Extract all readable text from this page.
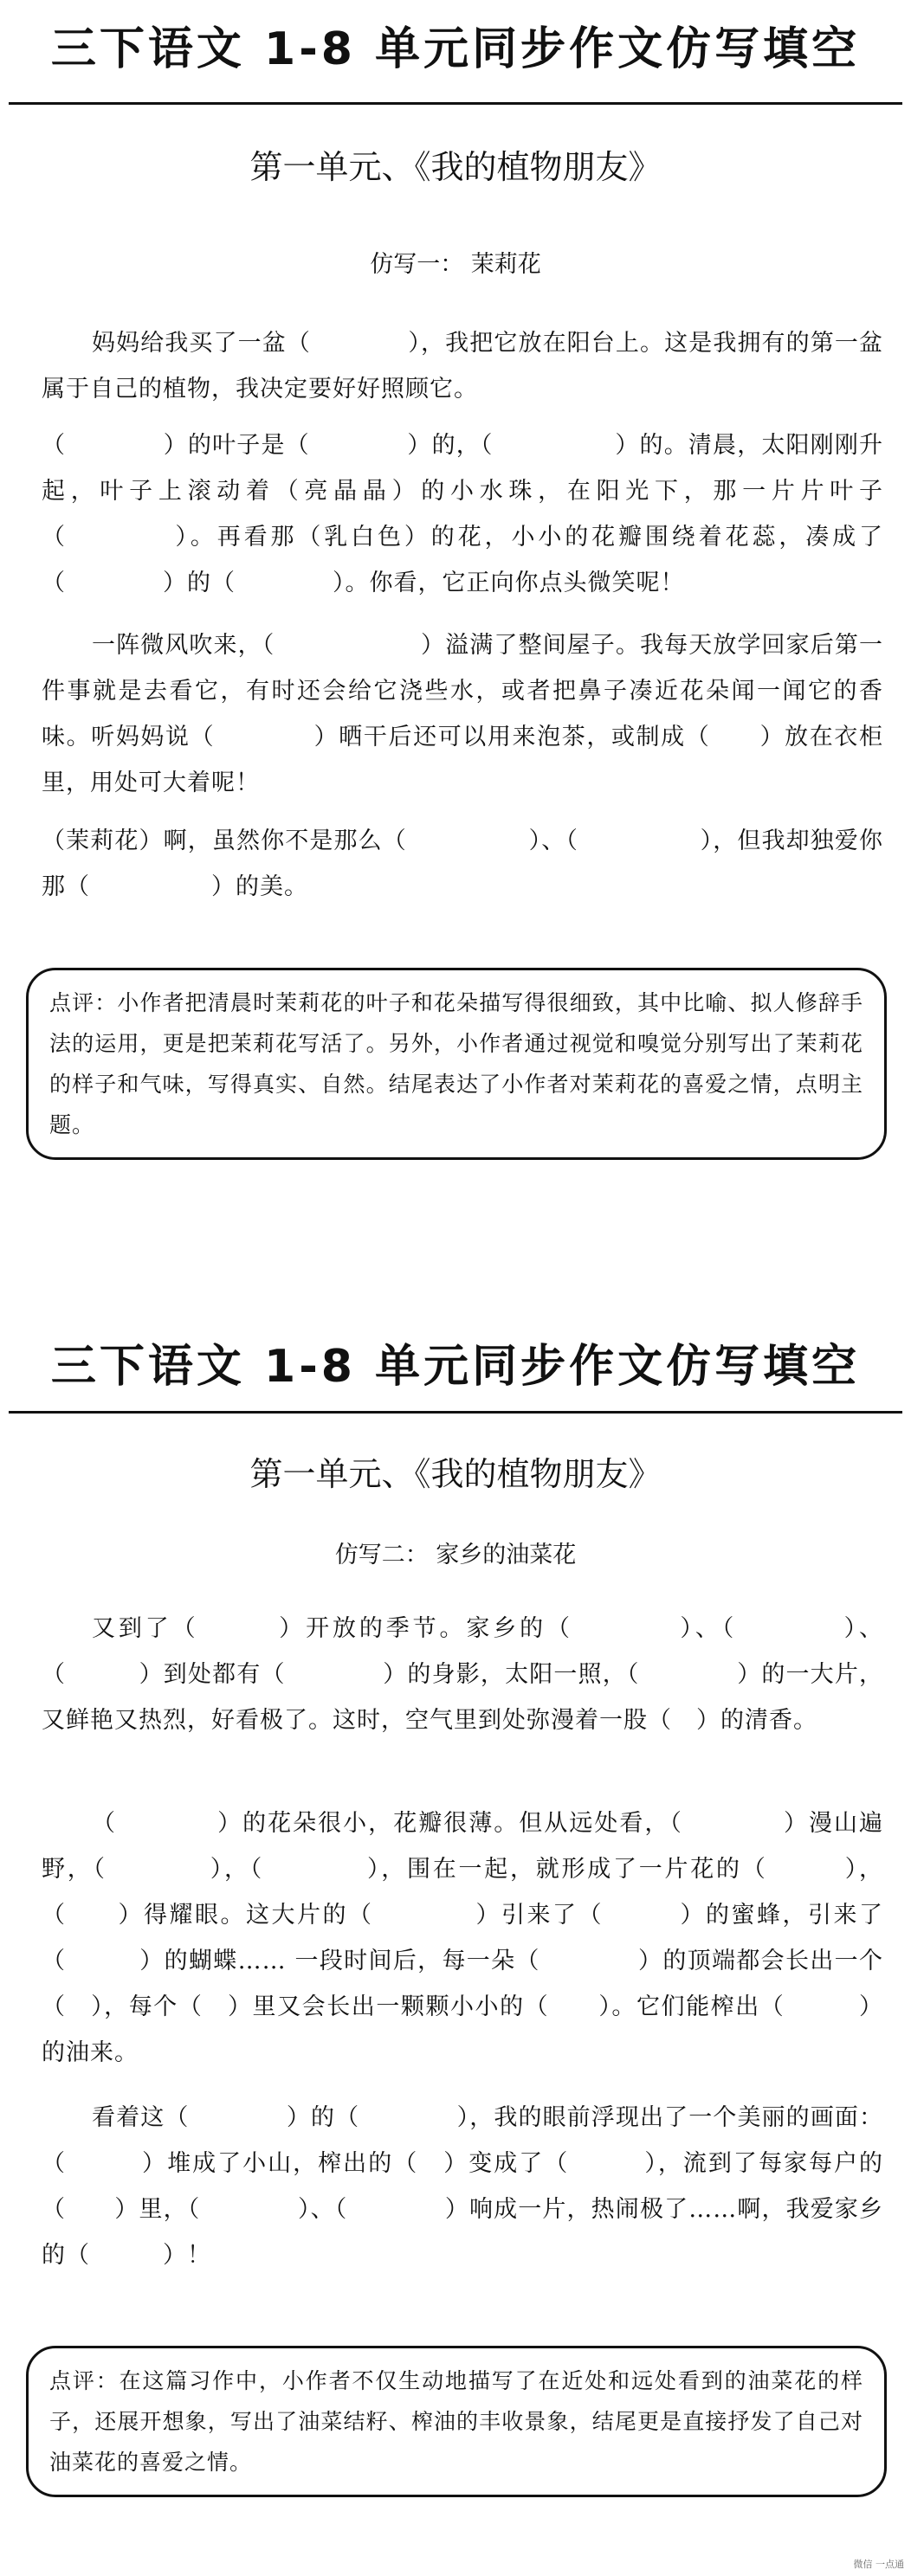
三下语文 1-8 单元同步作文仿写填空
第一单元、《我的植物朋友》
仿写一： 茉莉花

妈妈给我买了一盆（　　　　），我把它放在阳台上。这是我拥有的第一盆属于自己的植物，我决定要好好照顾它。

（　　　　）的叶子是（　　　　）的，（　　　　　）的。清晨，太阳刚刚升起，叶子上滚动着（亮晶晶）的小水珠，在阳光下，那一片片叶子（　　　　）。再看那（乳白色）的花，小小的花瓣围绕着花蕊，凑成了（　　　　）的（　　　　）。你看，它正向你点头微笑呢！

一阵微风吹来，（　　　　　　）溢满了整间屋子。我每天放学回家后第一件事就是去看它，有时还会给它浇些水，或者把鼻子凑近花朵闻一闻它的香味。听妈妈说（　　　　）晒干后还可以用来泡茶，或制成（　　）放在衣柜里，用处可大着呢！

（茉莉花）啊，虽然你不是那么（　　　　　）、（　　　　　），但我却独爱你那（　　　　　）的美。

点评：小作者把清晨时茉莉花的叶子和花朵描写得很细致，其中比喻、拟人修辞手法的运用，更是把茉莉花写活了。另外，小作者通过视觉和嗅觉分别写出了茉莉花的样子和气味，写得真实、自然。结尾表达了小作者对茉莉花的喜爱之情，点明主题。

三下语文 1-8 单元同步作文仿写填空
第一单元、《我的植物朋友》
仿写二： 家乡的油菜花

又到了（　　　）开放的季节。家乡的（　　　　）、（　　　　）、（　　　）到处都有（　　　　）的身影，太阳一照，（　　　　）的一大片，又鲜艳又热烈，好看极了。这时，空气里到处弥漫着一股（　）的清香。

（　　　　）的花朵很小，花瓣很薄。但从远处看，（　　　　）漫山遍野，（　　　　），（　　　　），围在一起，就形成了一片花的（　　　），（　　）得耀眼。这大片的（　　　　）引来了（　　　）的蜜蜂，引来了（　　　）的蝴蝶…… 一段时间后，每一朵（　　　　）的顶端都会长出一个（　），每个（　）里又会长出一颗颗小小的（　　）。它们能榨出（　　　）的油来。

看着这（　　　　）的（　　　　），我的眼前浮现出了一个美丽的画面：（　　　）堆成了小山，榨出的（　）变成了（　　　），流到了每家每户的（　　）里，（　　　　）、（　　　　）响成一片，热闹极了……啊，我爱家乡的（　　　）！

点评：在这篇习作中，小作者不仅生动地描写了在近处和远处看到的油菜花的样子，还展开想象，写出了油菜结籽、榨油的丰收景象，结尾更是直接抒发了自己对油菜花的喜爱之情。

微信 一点通
